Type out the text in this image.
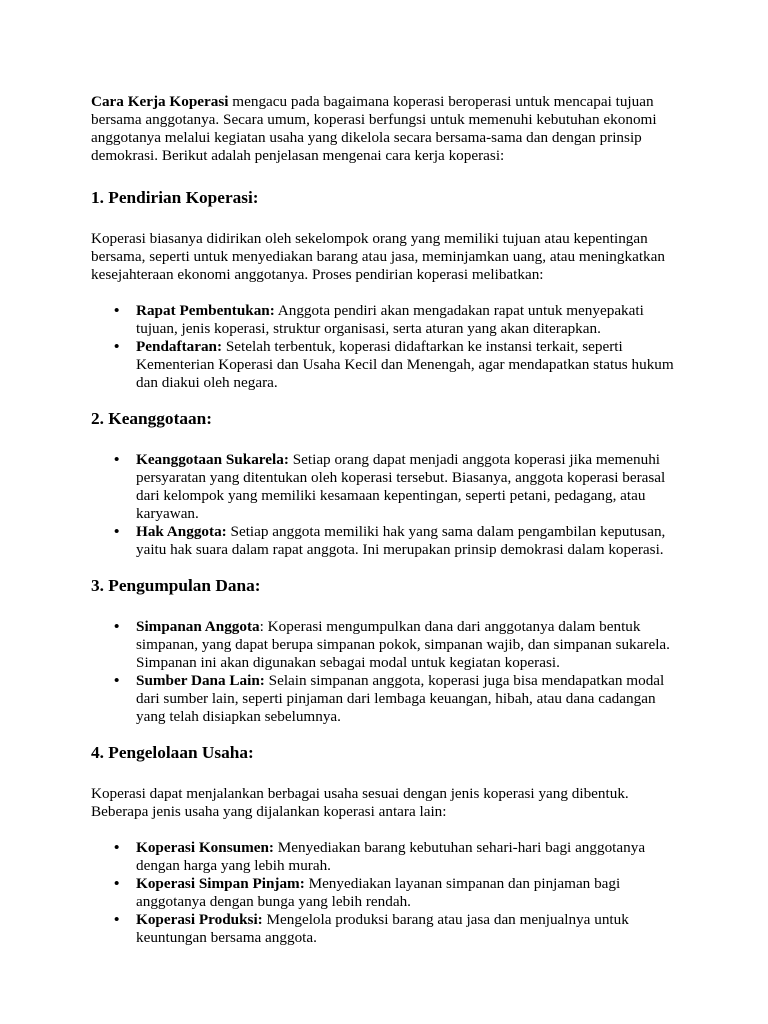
Cara Kerja Koperasi mengacu pada bagaimana koperasi beroperasi untuk mencapai tujuan bersama anggotanya. Secara umum, koperasi berfungsi untuk memenuhi kebutuhan ekonomi anggotanya melalui kegiatan usaha yang dikelola secara bersama-sama dan dengan prinsip demokrasi. Berikut adalah penjelasan mengenai cara kerja koperasi:

1. Pendirian Koperasi:

Koperasi biasanya didirikan oleh sekelompok orang yang memiliki tujuan atau kepentingan bersama, seperti untuk menyediakan barang atau jasa, meminjamkan uang, atau meningkatkan kesejahteraan ekonomi anggotanya. Proses pendirian koperasi melibatkan:

• Rapat Pembentukan: Anggota pendiri akan mengadakan rapat untuk menyepakati tujuan, jenis koperasi, struktur organisasi, serta aturan yang akan diterapkan.
• Pendaftaran: Setelah terbentuk, koperasi didaftarkan ke instansi terkait, seperti Kementerian Koperasi dan Usaha Kecil dan Menengah, agar mendapatkan status hukum dan diakui oleh negara.
2. Keanggotaan:
• Keanggotaan Sukarela: Setiap orang dapat menjadi anggota koperasi jika memenuhi persyaratan yang ditentukan oleh koperasi tersebut. Biasanya, anggota koperasi berasal dari kelompok yang memiliki kesamaan kepentingan, seperti petani, pedagang, atau karyawan.
• Hak Anggota: Setiap anggota memiliki hak yang sama dalam pengambilan keputusan, yaitu hak suara dalam rapat anggota. Ini merupakan prinsip demokrasi dalam koperasi.
3. Pengumpulan Dana:
• Simpanan Anggota: Koperasi mengumpulkan dana dari anggotanya dalam bentuk simpanan, yang dapat berupa simpanan pokok, simpanan wajib, dan simpanan sukarela. Simpanan ini akan digunakan sebagai modal untuk kegiatan koperasi.
• Sumber Dana Lain: Selain simpanan anggota, koperasi juga bisa mendapatkan modal dari sumber lain, seperti pinjaman dari lembaga keuangan, hibah, atau dana cadangan yang telah disiapkan sebelumnya.
4. Pengelolaan Usaha:

Koperasi dapat menjalankan berbagai usaha sesuai dengan jenis koperasi yang dibentuk. Beberapa jenis usaha yang dijalankan koperasi antara lain:

• Koperasi Konsumen: Menyediakan barang kebutuhan sehari-hari bagi anggotanya dengan harga yang lebih murah.
• Koperasi Simpan Pinjam: Menyediakan layanan simpanan dan pinjaman bagi anggotanya dengan bunga yang lebih rendah.
• Koperasi Produksi: Mengelola produksi barang atau jasa dan menjualnya untuk keuntungan bersama anggota.
